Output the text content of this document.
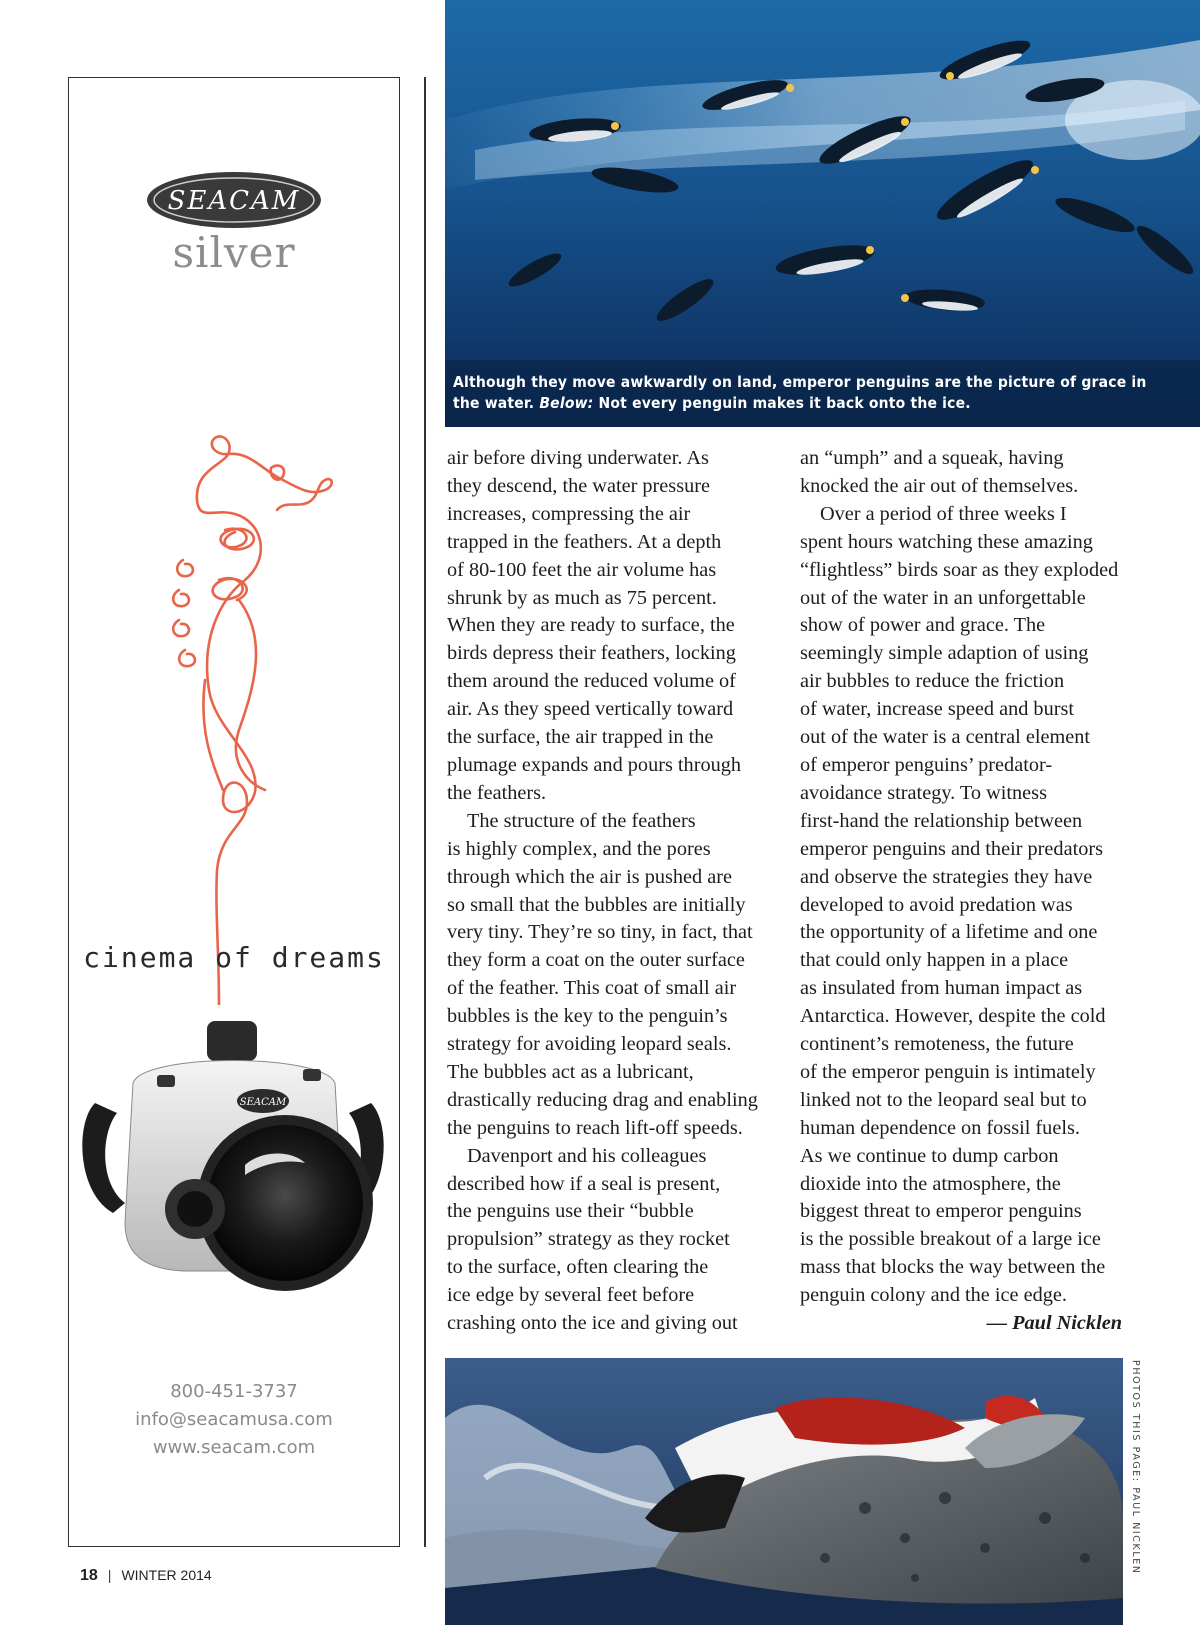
SEACAM
silver
cinema of dreams
SEACAM
800-451-3737
info@seacamusa.com
www.seacam.com
18 | WINTER 2014
Although they move awkwardly on land, emperor penguins are the picture of grace in the water. Below: Not every penguin makes it back onto the ice.

air before diving underwater. As

they descend, the water pressure

increases, compressing the air

trapped in the feathers. At a depth

of 80-100 feet the air volume has

shrunk by as much as 75 percent.

When they are ready to surface, the

birds depress their feathers, locking

them around the reduced volume of

air. As they speed vertically toward

the surface, the air trapped in the

plumage expands and pours through

the feathers.

The structure of the feathers

is highly complex, and the pores

through which the air is pushed are

so small that the bubbles are initially

very tiny. They’re so tiny, in fact, that

they form a coat on the outer surface

of the feather. This coat of small air

bubbles is the key to the penguin’s

strategy for avoiding leopard seals.

The bubbles act as a lubricant,

drastically reducing drag and enabling

the penguins to reach lift-off speeds.

Davenport and his colleagues

described how if a seal is present,

the penguins use their “bubble

propulsion” strategy as they rocket

to the surface, often clearing the

ice edge by several feet before

crashing onto the ice and giving out

an “umph” and a squeak, having

knocked the air out of themselves.

Over a period of three weeks I

spent hours watching these amazing

“flightless” birds soar as they exploded

out of the water in an unforgettable

show of power and grace. The

seemingly simple adaption of using

air bubbles to reduce the friction

of water, increase speed and burst

out of the water is a central element

of emperor penguins’ predator-

avoidance strategy. To witness

first-hand the relationship between

emperor penguins and their predators

and observe the strategies they have

developed to avoid predation was

the opportunity of a lifetime and one

that could only happen in a place

as insulated from human impact as

Antarctica. However, despite the cold

continent’s remoteness, the future

of the emperor penguin is intimately

linked not to the leopard seal but to

human dependence on fossil fuels.

As we continue to dump carbon

dioxide into the atmosphere, the

biggest threat to emperor penguins

is the possible breakout of a large ice

mass that blocks the way between the

penguin colony and the ice edge.

— Paul Nicklen

PHOTOS THIS PAGE: PAUL NICKLEN
